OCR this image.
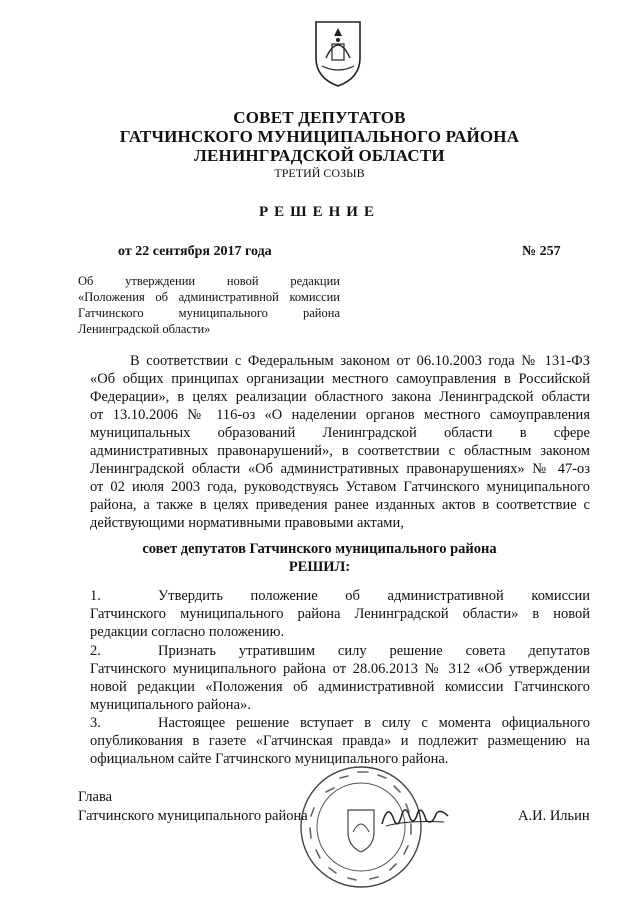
СОВЕТ ДЕПУТАТОВ
ГАТЧИНСКОГО МУНИЦИПАЛЬНОГО РАЙОНА
ЛЕНИНГРАДСКОЙ ОБЛАСТИ
ТРЕТИЙ СОЗЫВ
РЕШЕНИЕ
от 22 сентября 2017 года	№ 257
Об утверждении новой редакции
«Положения об административной комиссии
Гатчинского муниципального района
Ленинградской области»
В соответствии с Федеральным законом от 06.10.2003 года № 131-ФЗ
«Об общих принципах организации местного самоуправления в Российской
Федерации», в целях реализации областного закона Ленинградской области
от 13.10.2006 № 116-оз «О наделении органов местного самоуправления
муниципальных образований Ленинградской области в сфере
административных правонарушений», в соответствии с областным законом
Ленинградской области «Об административных правонарушениях» № 47-оз
от 02 июля 2003 года, руководствуясь Уставом Гатчинского муниципального
района, а также в целях приведения ранее изданных актов в соответствие с
действующими нормативными правовыми актами,
совет депутатов Гатчинского муниципального района
РЕШИЛ:
1.	Утвердить положение об административной комиссии
Гатчинского муниципального района Ленинградской области» в новой
редакции согласно положению.
2.	Признать утратившим силу решение совета депутатов
Гатчинского муниципального района от 28.06.2013 № 312 «Об утверждении
новой редакции «Положения об административной комиссии Гатчинского
муниципального района».
3.	Настоящее решение вступает в силу с момента официального
опубликования в газете «Гатчинская правда» и подлежит размещению на
официальном сайте Гатчинского муниципального района.
Глава
Гатчинского муниципального района	А.И. Ильин
